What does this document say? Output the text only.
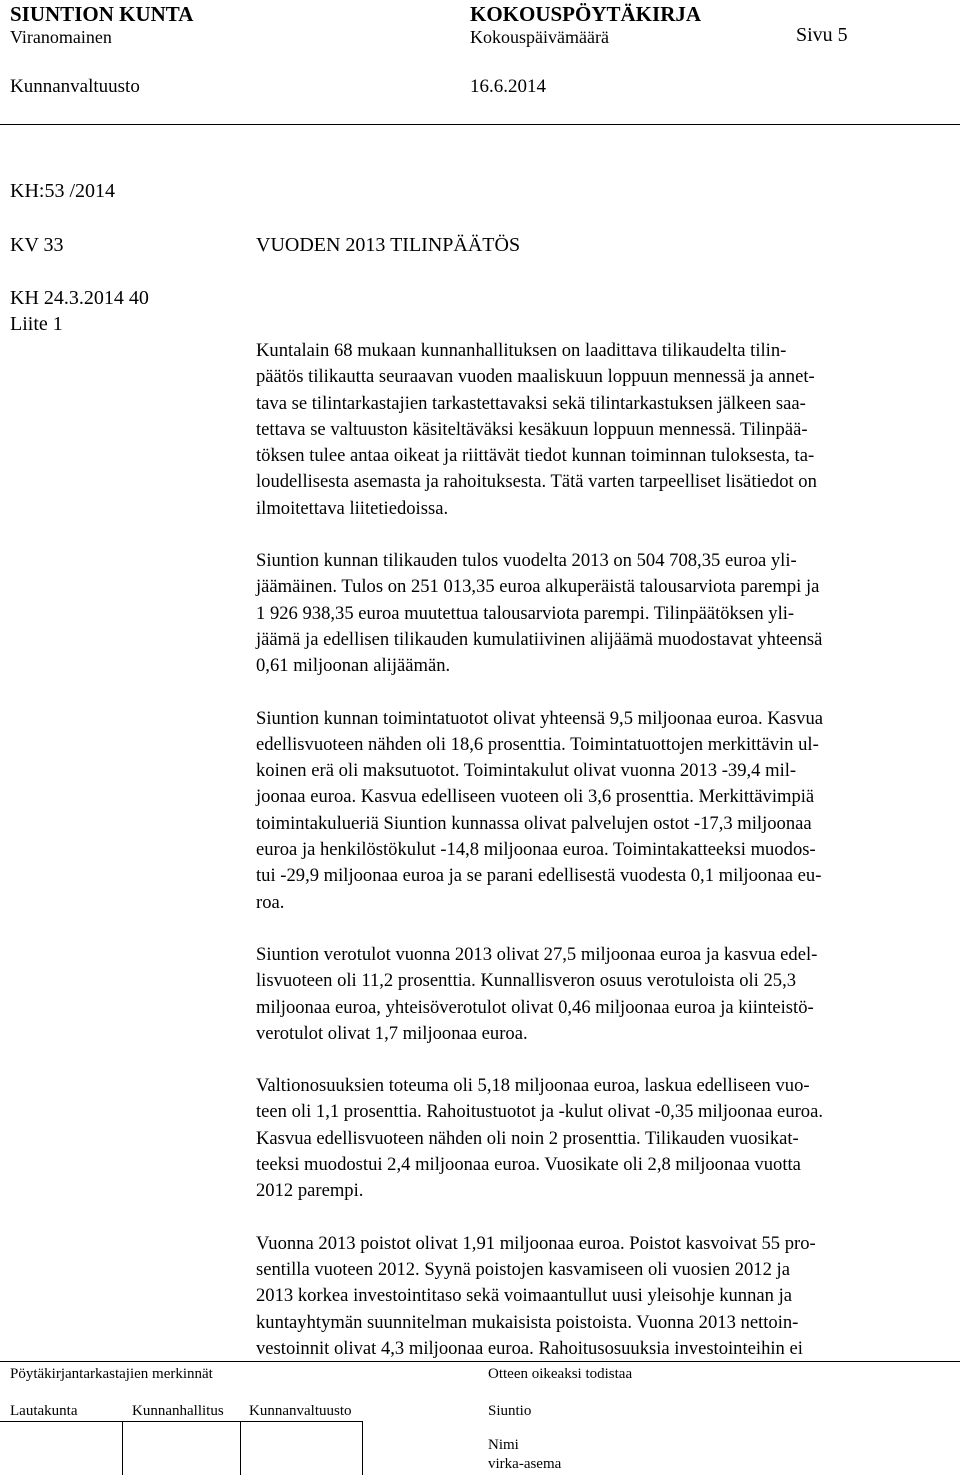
SIUNTION KUNTA	KOKOUSPÖYTÄKIRJA
Viranomainen	Kokouspäivämäärä	Sivu 5
Kunnanvaltuusto	16.6.2014
KH:53 /2014
KV 33	VUODEN 2013 TILINPÄÄTÖS
KH 24.3.2014 40
Liite 1
Kuntalain 68 mukaan kunnanhallituksen on laadittava tilikaudelta tilin-
päätös tilikautta seuraavan vuoden maaliskuun loppuun mennessä ja annet-
tava se tilintarkastajien tarkastettavaksi sekä tilintarkastuksen jälkeen saa-
tettava se valtuuston käsiteltäväksi kesäkuun loppuun mennessä. Tilinpää-
töksen tulee antaa oikeat ja riittävät tiedot kunnan toiminnan tuloksesta, ta-
loudellisesta asemasta ja rahoituksesta. Tätä varten tarpeelliset lisätiedot on
ilmoitettava liitetiedoissa.
Siuntion kunnan tilikauden tulos vuodelta 2013 on 504 708,35 euroa yli-
jäämäinen. Tulos on 251 013,35 euroa alkuperäistä talousarviota parempi ja
1 926 938,35 euroa muutettua talousarviota parempi. Tilinpäätöksen yli-
jäämä ja edellisen tilikauden kumulatiivinen alijäämä muodostavat yhteensä
0,61 miljoonan alijäämän.
Siuntion kunnan toimintatuotot olivat yhteensä 9,5 miljoonaa euroa. Kasvua
edellisvuoteen nähden oli 18,6 prosenttia. Toimintatuottojen merkittävin ul-
koinen erä oli maksutuotot. Toimintakulut olivat vuonna 2013 -39,4 mil-
joonaa euroa. Kasvua edelliseen vuoteen oli 3,6 prosenttia. Merkittävimpiä
toimintakulueriä Siuntion kunnassa olivat palvelujen ostot -17,3 miljoonaa
euroa ja henkilöstökulut -14,8 miljoonaa euroa. Toimintakatteeksi muodos-
tui -29,9 miljoonaa euroa ja se parani edellisestä vuodesta 0,1 miljoonaa eu-
roa.
Siuntion verotulot vuonna 2013 olivat 27,5 miljoonaa euroa ja kasvua edel-
lisvuoteen oli 11,2 prosenttia. Kunnallisveron osuus verotuloista oli 25,3
miljoonaa euroa, yhteisöverotulot olivat 0,46 miljoonaa euroa ja kiinteistö-
verotulot olivat 1,7 miljoonaa euroa.
Valtionosuuksien toteuma oli 5,18 miljoonaa euroa, laskua edelliseen vuo-
teen oli 1,1 prosenttia. Rahoitustuotot ja -kulut olivat -0,35 miljoonaa euroa.
Kasvua edellisvuoteen nähden oli noin 2 prosenttia. Tilikauden vuosikat-
teeksi muodostui 2,4 miljoonaa euroa. Vuosikate oli 2,8 miljoonaa vuotta
2012 parempi.
Vuonna 2013 poistot olivat 1,91 miljoonaa euroa. Poistot kasvoivat 55 pro-
sentilla vuoteen 2012. Syynä poistojen kasvamiseen oli vuosien 2012 ja
2013 korkea investointitaso sekä voimaantullut uusi yleisohje kunnan ja
kuntayhtymän suunnitelman mukaisista poistoista. Vuonna 2013 nettoin-
vestoinnit olivat 4,3 miljoonaa euroa. Rahoitusosuuksia investointeihin ei
Pöytäkirjantarkastajien merkinnät	Otteen oikeaksi todistaa
Lautakunta	Kunnanhallitus Kunnanvaltuusto	Siuntio
Nimi
virka-asema
